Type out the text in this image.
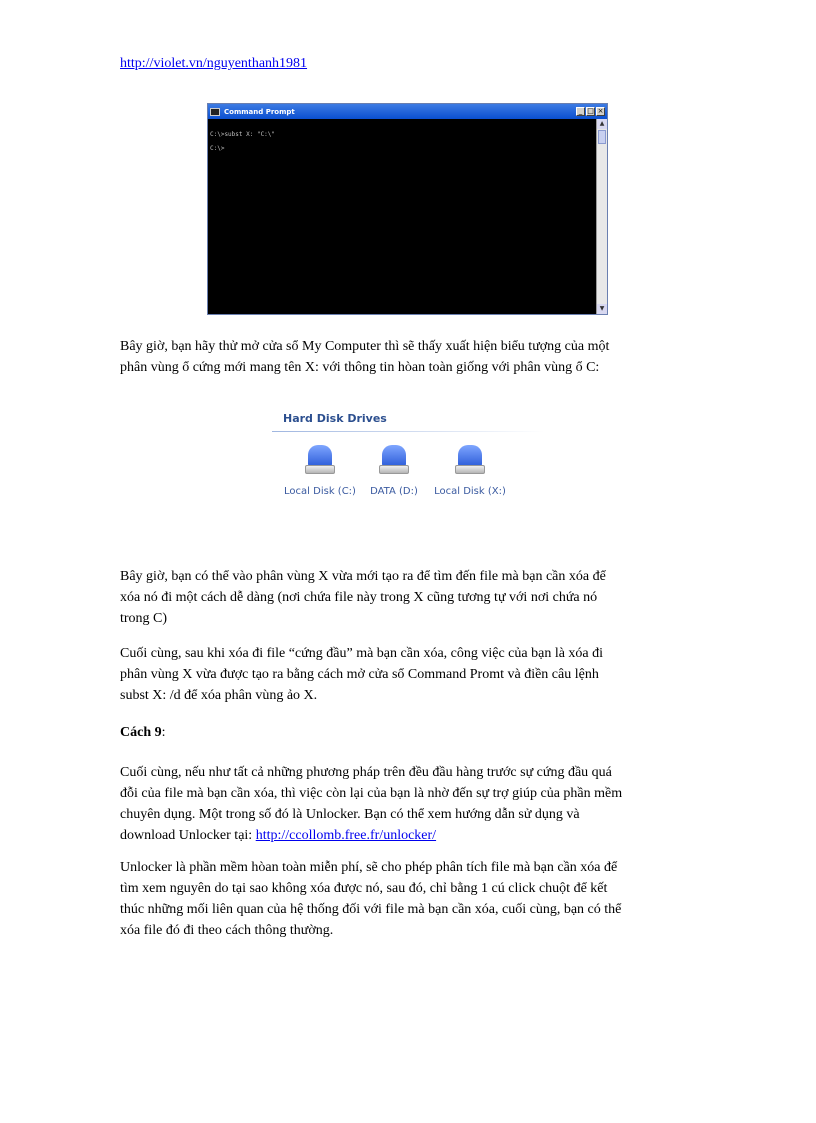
http://violet.vn/nguyenthanh1981
Command Prompt	_ □ ×
C:\>subst X: "C:\"
C:\>
▲
▼
Bây giờ, bạn hãy thử mở cửa sổ My Computer thì sẽ thấy xuất hiện biểu tượng của một
phân vùng ổ cứng mới mang tên X: với thông tin hòan toàn giống với phân vùng ổ C:
Hard Disk Drives
Local Disk (C:)	DATA (D:)	Local Disk (X:)
Bây giờ, bạn có thể vào phân vùng X vừa mới tạo ra để tìm đến file mà bạn cần xóa để
xóa nó đi một cách dễ dàng (nơi chứa file này trong X cũng tương tự với nơi chứa nó
trong C)
Cuối cùng, sau khi xóa đi file “cứng đầu” mà bạn cần xóa, công việc của bạn là xóa đi
phân vùng X vừa được tạo ra bằng cách mở cửa sổ Command Promt và điền câu lệnh
subst X: /d để xóa phân vùng ảo X.
Cách 9:
Cuối cùng, nếu như tất cả những phương pháp trên đều đầu hàng trước sự cứng đầu quá
đỗi của file mà bạn cần xóa, thì việc còn lại của bạn là nhờ đến sự trợ giúp của phần mềm
chuyên dụng. Một trong số đó là Unlocker. Bạn có thể xem hướng dẫn sử dụng và
download Unlocker tại: http://ccollomb.free.fr/unlocker/
Unlocker là phần mềm hòan toàn miễn phí, sẽ cho phép phân tích file mà bạn cần xóa để
tìm xem nguyên do tại sao không xóa được nó, sau đó, chỉ bằng 1 cú click chuột để kết
thúc những mối liên quan của hệ thống đối với file mà bạn cần xóa, cuối cùng, bạn có thể
xóa file đó đi theo cách thông thường.
